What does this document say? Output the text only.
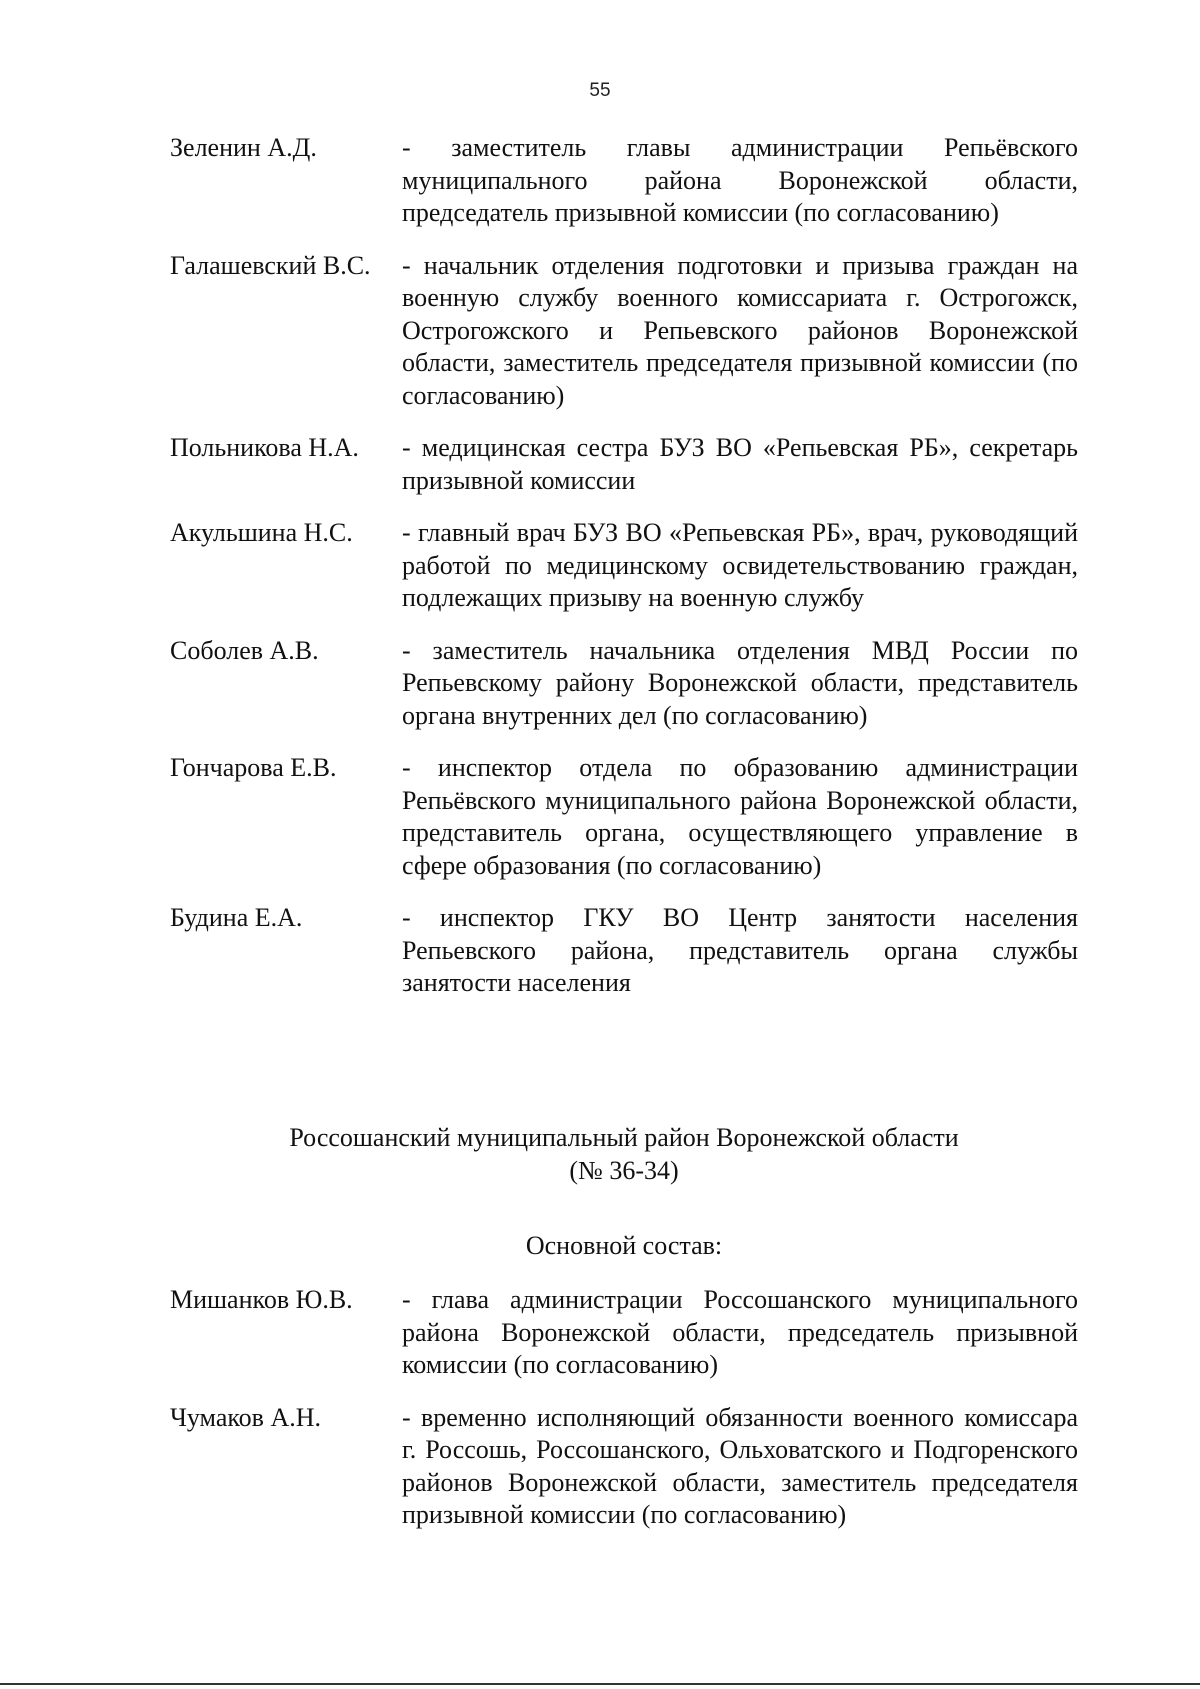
55
Зеленин А.Д.	- заместитель главы администрации Репьёвского муниципального района Воронежской области, председатель призывной комиссии (по согласованию)
Галашевский В.С.	- начальник отделения подготовки и призыва граждан на военную службу военного комиссариата г. Острогожск, Острогожского и Репьевского районов Воронежской области, заместитель председателя призывной комиссии (по согласованию)
Польникова Н.А.	- медицинская сестра БУЗ ВО «Репьевская РБ», секретарь призывной комиссии
Акульшина Н.С.	- главный врач БУЗ ВО «Репьевская РБ», врач, руководящий работой по медицинскому освидетельствованию граждан, подлежащих призыву на военную службу
Соболев А.В.	- заместитель начальника отделения МВД России по Репьевскому району Воронежской области, представитель органа внутренних дел (по согласованию)
Гончарова Е.В.	- инспектор отдела по образованию администрации Репьёвского муниципального района Воронежской области, представитель органа, осуществляющего управление в сфере образования (по согласованию)
Будина Е.А.	- инспектор ГКУ ВО Центр занятости населения Репьевского района, представитель органа службы занятости населения
Россошанский муниципальный район Воронежской области
(№ 36-34)
Основной состав:
Мишанков Ю.В.	- глава администрации Россошанского муниципального района Воронежской области, председатель призывной комиссии (по согласованию)
Чумаков А.Н.	- временно исполняющий обязанности военного комиссара г. Россошь, Россошанского, Ольховатского и Подгоренского районов Воронежской области, заместитель председателя призывной комиссии (по согласованию)
